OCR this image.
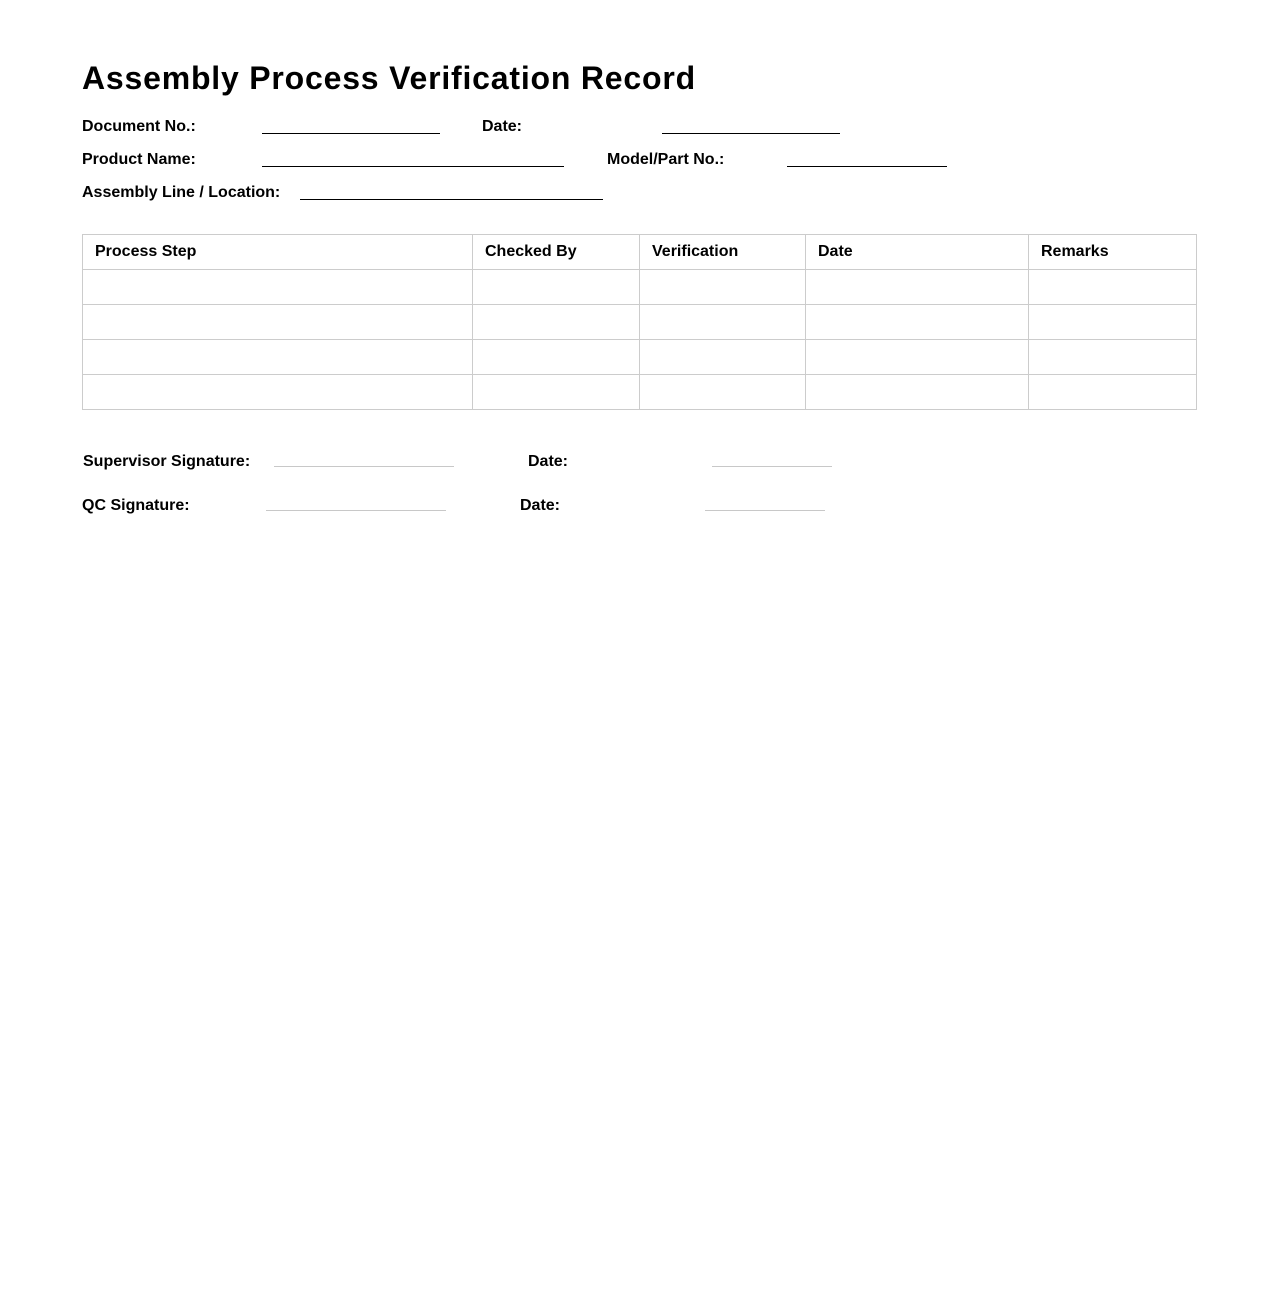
Assembly Process Verification Record
Document No.:	Date:
Product Name:	Model/Part No.:
Assembly Line / Location:
Process Step	Checked By	Verification	Date	Remarks

Supervisor Signature:	Date:
QC Signature:	Date:
